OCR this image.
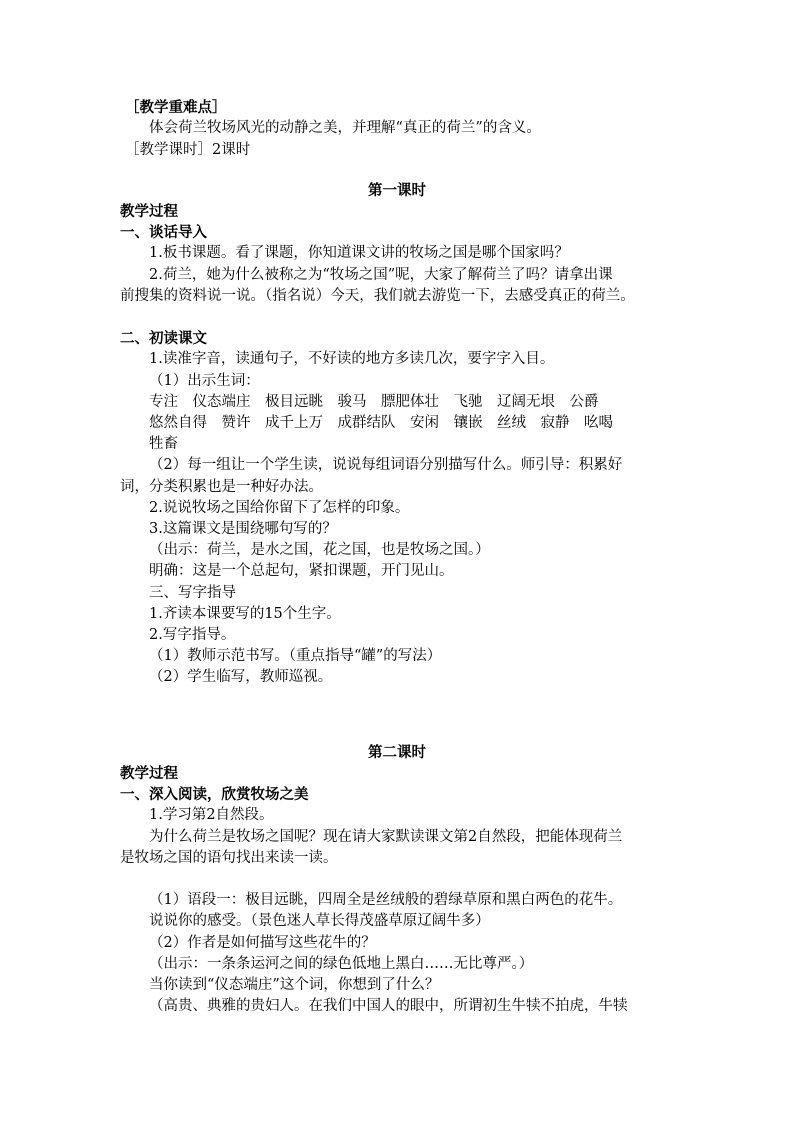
［教学重难点］
体会荷兰牧场风光的动静之美，并理解“真正的荷兰”的含义。
［教学课时］2课时
第一课时
教学过程
一、谈话导入
1.板书课题。看了课题，你知道课文讲的牧场之国是哪个国家吗？
2.荷兰，她为什么被称之为“牧场之国”呢，大家了解荷兰了吗？请拿出课
前搜集的资料说一说。（指名说）今天，我们就去游览一下，去感受真正的荷兰。
二、初读课文
1.读准字音，读通句子，不好读的地方多读几次，要字字入目。
（1）出示生词：
专注　仪态端庄　极目远眺　骏马　膘肥体壮　飞驰　辽阔无垠　公爵
悠然自得　赞许　成千上万　成群结队　安闲　镶嵌　丝绒　寂静　吆喝
牲畜
（2）每一组让一个学生读，说说每组词语分别描写什么。师引导：积累好
词，分类积累也是一种好办法。
2.说说牧场之国给你留下了怎样的印象。
3.这篇课文是围绕哪句写的？
（出示：荷兰，是水之国，花之国，也是牧场之国。）
明确：这是一个总起句，紧扣课题，开门见山。
三、写字指导
1.齐读本课要写的15个生字。
2.写字指导。
（1）教师示范书写。（重点指导“罐”的写法）
（2）学生临写，教师巡视。
第二课时
教学过程
一、深入阅读，欣赏牧场之美
1.学习第2自然段。
为什么荷兰是牧场之国呢？现在请大家默读课文第2自然段，把能体现荷兰
是牧场之国的语句找出来读一读。
（1）语段一：极目远眺，四周全是丝绒般的碧绿草原和黑白两色的花牛。
说说你的感受。（景色迷人草长得茂盛草原辽阔牛多）
（2）作者是如何描写这些花牛的？
（出示：一条条运河之间的绿色低地上黑白……无比尊严。）
当你读到“仪态端庄”这个词，你想到了什么？
（高贵、典雅的贵妇人。在我们中国人的眼中，所谓初生牛犊不拍虎，牛犊
